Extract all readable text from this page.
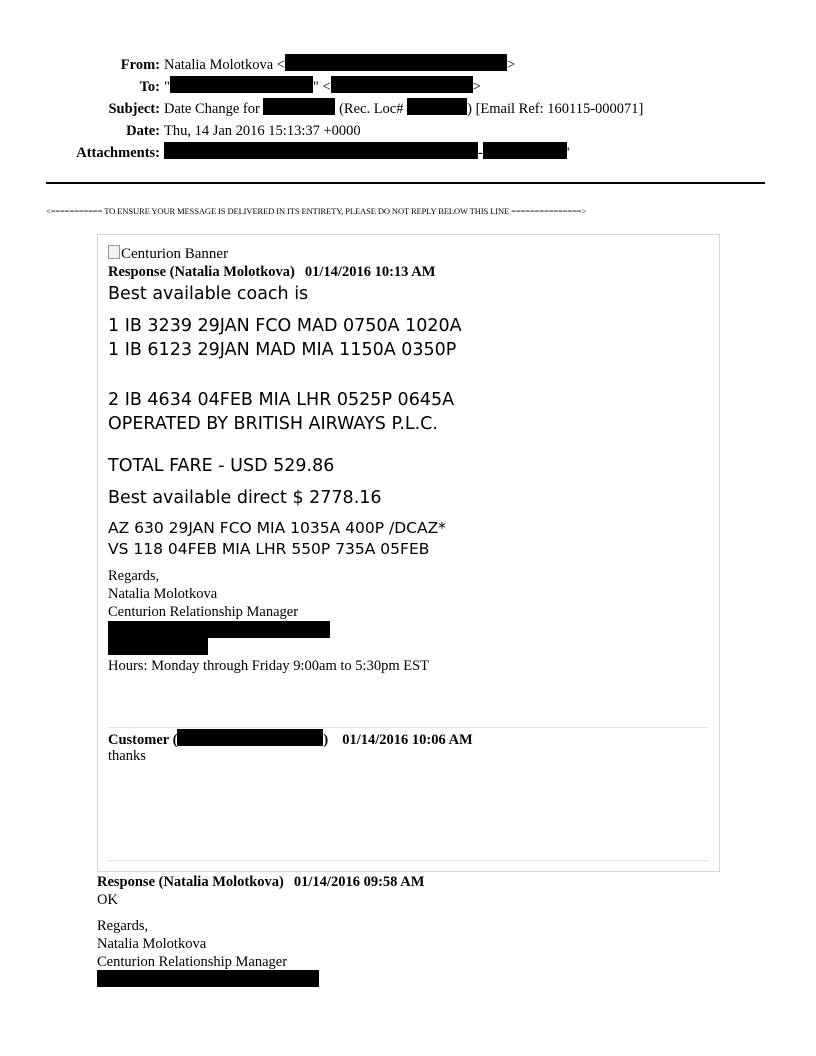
From: Natalia Molotkova <	>
To: "	" <	>
Subject: Date Change for	(Rec. Loc#	) [Email Ref: 160115-000071]
Date: Thu, 14 Jan 2016 15:13:37 +0000
Attachments:	-	'
<=========== TO ENSURE YOUR MESSAGE IS DELIVERED IN ITS ENTIRETY, PLEASE DO NOT REPLY BELOW THIS LINE ===============>
Centurion Banner
Response (Natalia Molotkova) 01/14/2016 10:13 AM
Best available coach is
1 IB 3239 29JAN FCO MAD 0750A 1020A
1 IB 6123 29JAN MAD MIA 1150A 0350P
2 IB 4634 04FEB MIA LHR 0525P 0645A
OPERATED BY BRITISH AIRWAYS P.L.C.
TOTAL FARE - USD 529.86
Best available direct $ 2778.16
AZ 630 29JAN FCO MIA 1035A 400P /DCAZ*
VS 118 04FEB MIA LHR 550P 735A 05FEB
Regards,
Natalia Molotkova
Centurion Relationship Manager
Hours: Monday through Friday 9:00am to 5:30pm EST
Customer (	) 01/14/2016 10:06 AM
thanks
Response (Natalia Molotkova) 01/14/2016 09:58 AM
OK
Regards,
Natalia Molotkova
Centurion Relationship Manager
